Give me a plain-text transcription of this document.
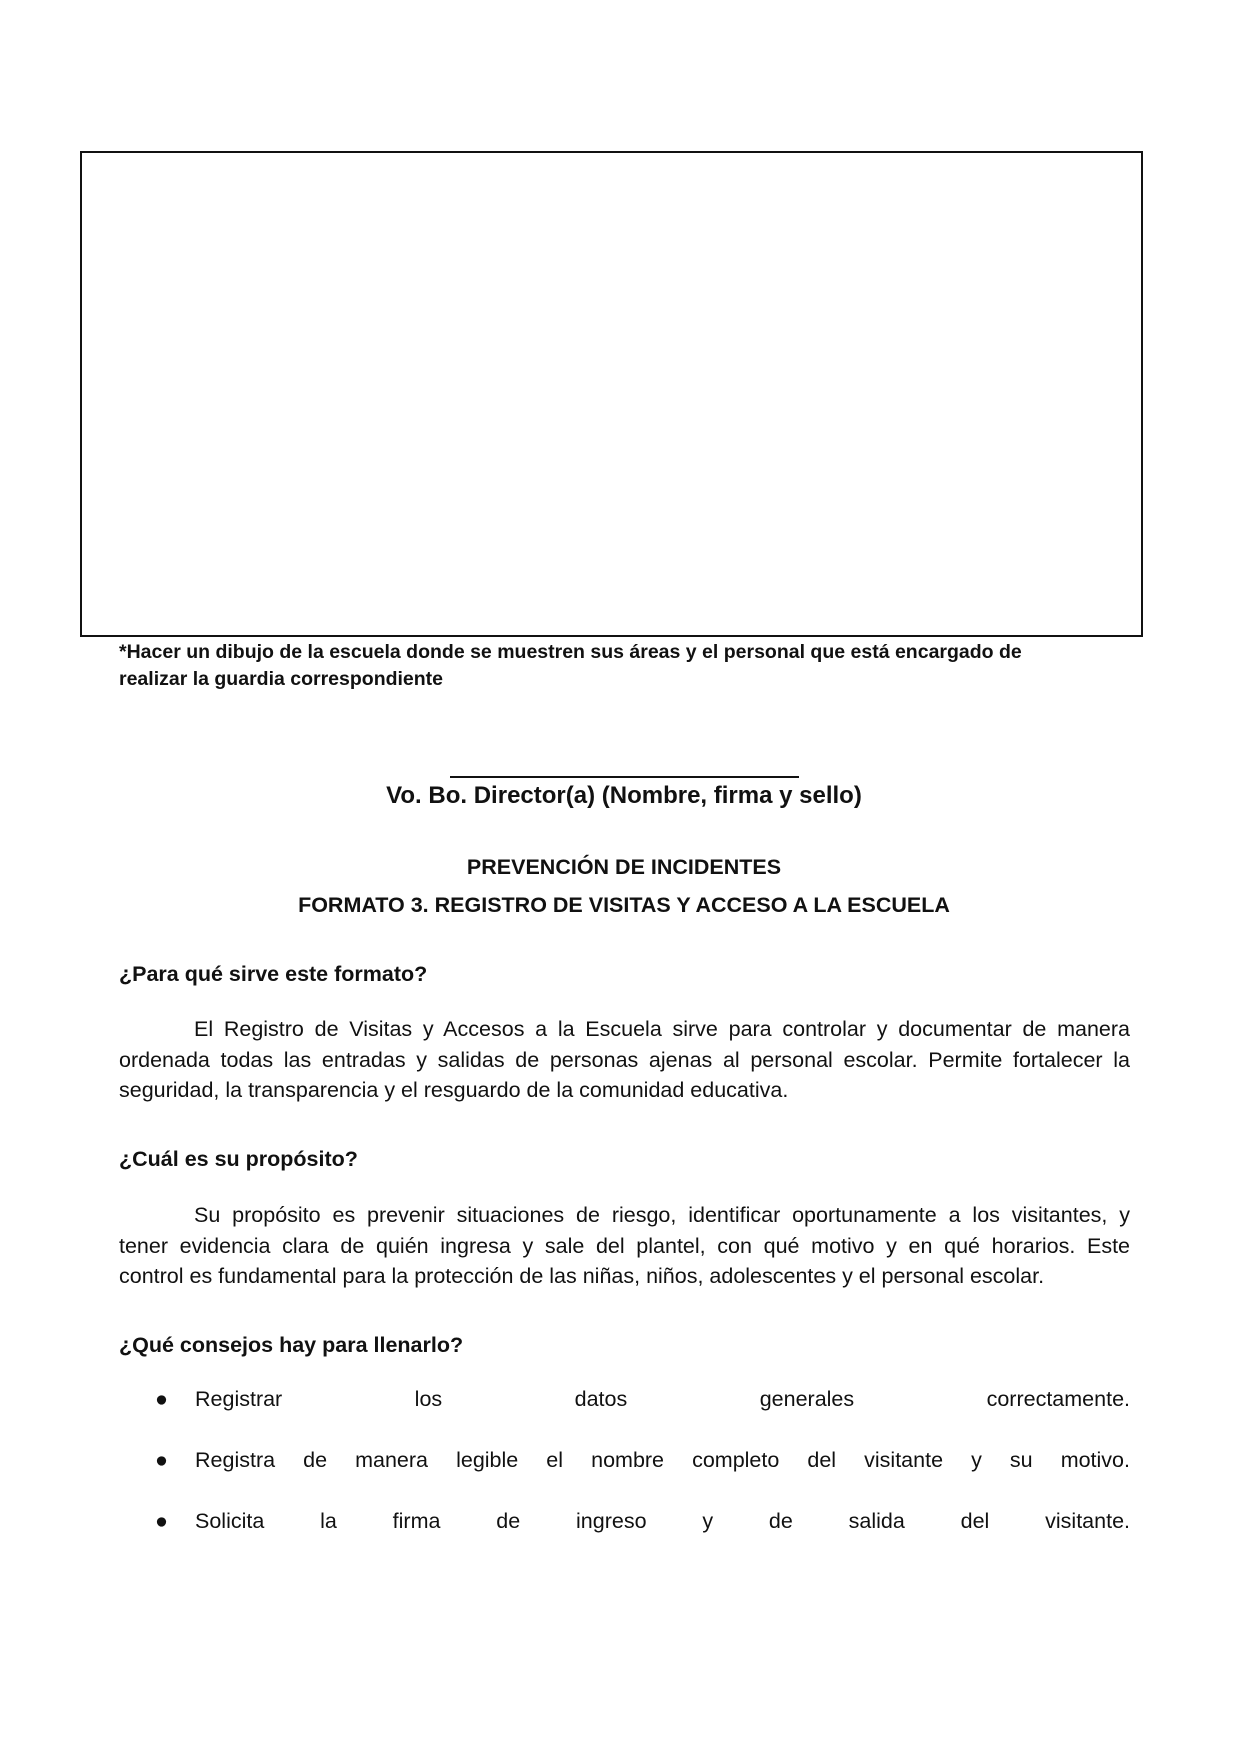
*Hacer un dibujo de la escuela donde se muestren sus áreas y el personal que está encargado de
realizar la guardia correspondiente
Vo. Bo. Director(a) (Nombre, firma y sello)
PREVENCIÓN DE INCIDENTES
FORMATO 3. REGISTRO DE VISITAS Y ACCESO A LA ESCUELA
¿Para qué sirve este formato?
El Registro de Visitas y Accesos a la Escuela sirve para controlar y documentar de manera
ordenada todas las entradas y salidas de personas ajenas al personal escolar. Permite fortalecer la
seguridad, la transparencia y el resguardo de la comunidad educativa.
¿Cuál es su propósito?
Su propósito es prevenir situaciones de riesgo, identificar oportunamente a los visitantes, y
tener evidencia clara de quién ingresa y sale del plantel, con qué motivo y en qué horarios. Este
control es fundamental para la protección de las niñas, niños, adolescentes y el personal escolar.
¿Qué consejos hay para llenarlo?
●	Registrar los datos generales correctamente.
●	Registra de manera legible el nombre completo del visitante y su motivo.
●	Solicita la firma de ingreso y de salida del visitante.
